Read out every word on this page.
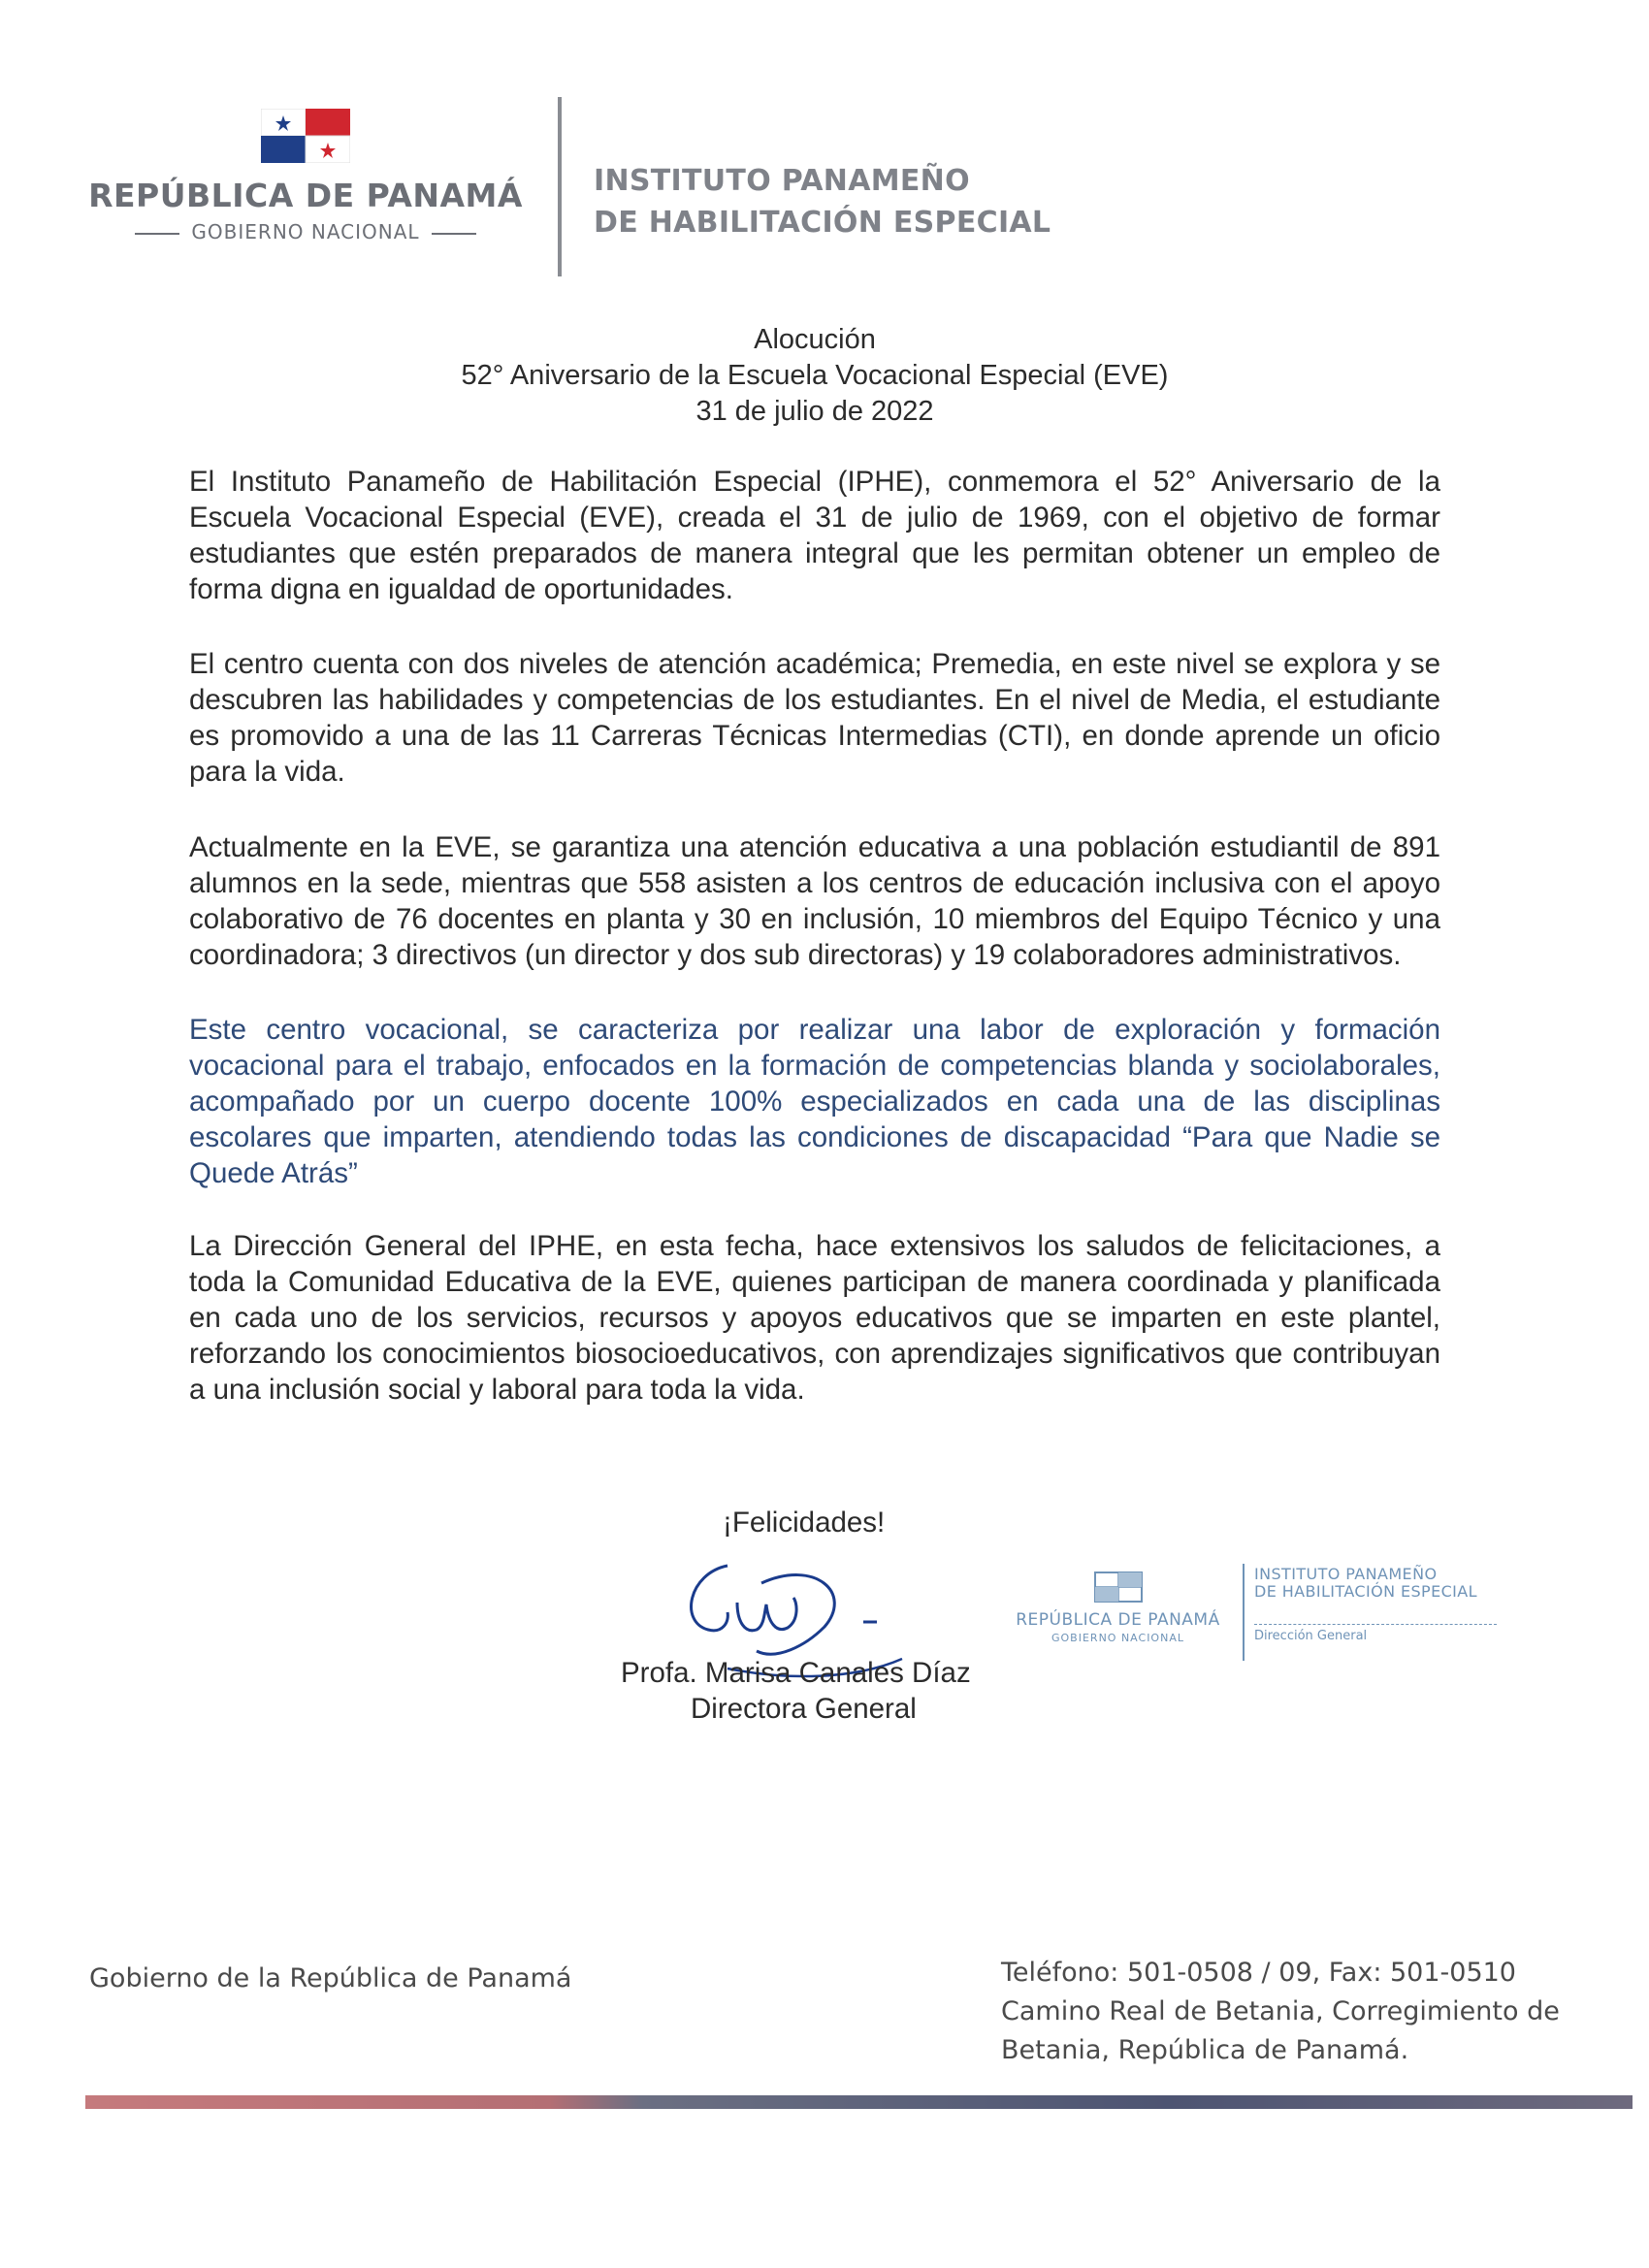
REPÚBLICA DE PANAMÁ
GOBIERNO NACIONAL
INSTITUTO PANAMEÑO
DE HABILITACIÓN ESPECIAL
Alocución
52° Aniversario de la Escuela Vocacional Especial (EVE)
31 de julio de 2022

El Instituto Panameño de Habilitación Especial (IPHE), conmemora el 52° Aniversario de la Escuela Vocacional Especial (EVE), creada el 31 de julio de 1969, con el objetivo de formar estudiantes que estén preparados de manera integral que les permitan obtener un empleo de forma digna en igualdad de oportunidades.

El centro cuenta con dos niveles de atención académica; Premedia, en este nivel se explora y se descubren las habilidades y competencias de los estudiantes. En el nivel de Media, el estudiante es promovido a una de las 11 Carreras Técnicas Intermedias (CTI), en donde aprende un oficio para la vida.

Actualmente en la EVE, se garantiza una atención educativa a una población estudiantil de 891 alumnos en la sede, mientras que 558 asisten a los centros de educación inclusiva con el apoyo colaborativo de 76 docentes en planta y 30 en inclusión, 10 miembros del Equipo Técnico y una coordinadora; 3 directivos (un director y dos sub directoras) y 19 colaboradores administrativos.

Este centro vocacional, se caracteriza por realizar una labor de exploración y formación vocacional para el trabajo, enfocados en la formación de competencias blanda y sociolaborales, acompañado por un cuerpo docente 100% especializados en cada una de las disciplinas escolares que imparten, atendiendo todas las condiciones de discapacidad “Para que Nadie se Quede Atrás”

La Dirección General del IPHE, en esta fecha, hace extensivos los saludos de felicitaciones, a toda la Comunidad Educativa de la EVE, quienes participan de manera coordinada y planificada en cada uno de los servicios, recursos y apoyos educativos que se imparten en este plantel, reforzando los conocimientos biosocioeducativos, con aprendizajes significativos que contribuyan a una inclusión social y laboral para toda la vida.

¡Felicidades!
Profa. Marisa Canales Díaz
Directora General
REPÚBLICA DE PANAMÁ
GOBIERNO NACIONAL
INSTITUTO PANAMEÑO
DE HABILITACIÓN ESPECIAL
Dirección General
Gobierno de la República de Panamá	Teléfono: 501-0508 / 09, Fax: 501-0510
Camino Real de Betania, Corregimiento de
Betania, República de Panamá.
